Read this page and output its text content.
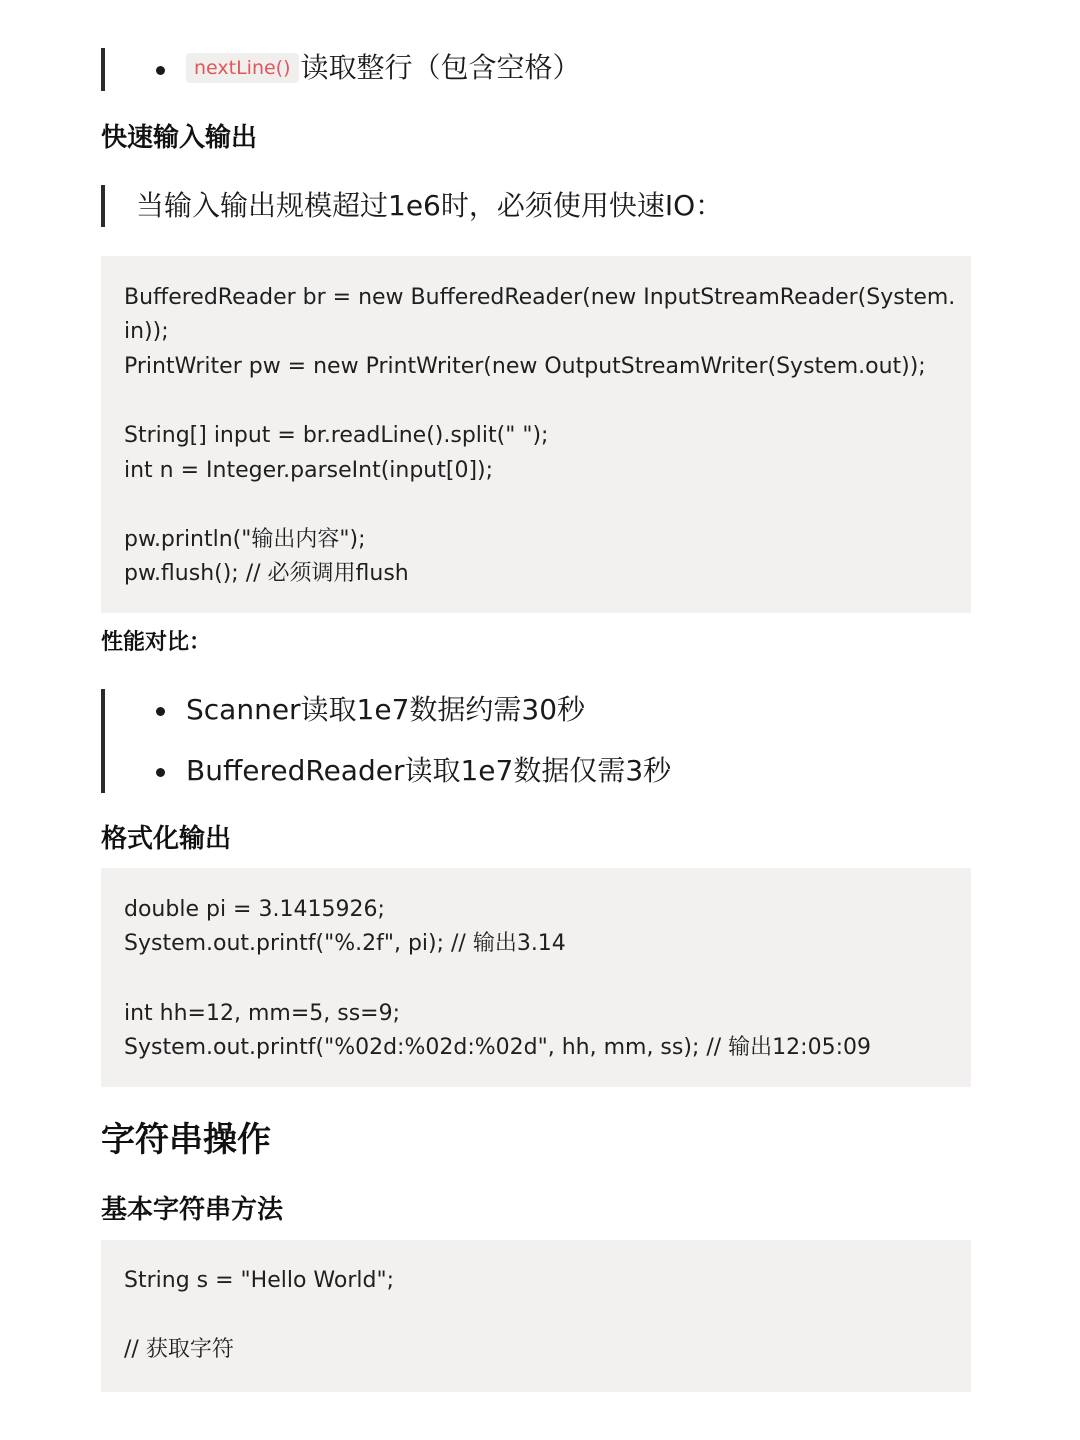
nextLine() 读取整行（包含空格）
快速输入输出
当输入输出规模超过1e6时，必须使用快速IO：
BufferedReader br = new BufferedReader(new InputStreamReader(System.
in));
PrintWriter pw = new PrintWriter(new OutputStreamWriter(System.out));
String[] input = br.readLine().split(" ");
int n = Integer.parseInt(input[0]);
pw.println("输出内容");
pw.flush(); // 必须调用flush
性能对比：
Scanner读取1e7数据约需30秒
BufferedReader读取1e7数据仅需3秒
格式化输出
double pi = 3.1415926;
System.out.printf("%.2f", pi); // 输出3.14
int hh=12, mm=5, ss=9;
System.out.printf("%02d:%02d:%02d", hh, mm, ss); // 输出12:05:09
字符串操作
基本字符串方法
String s = "Hello World";
// 获取字符
